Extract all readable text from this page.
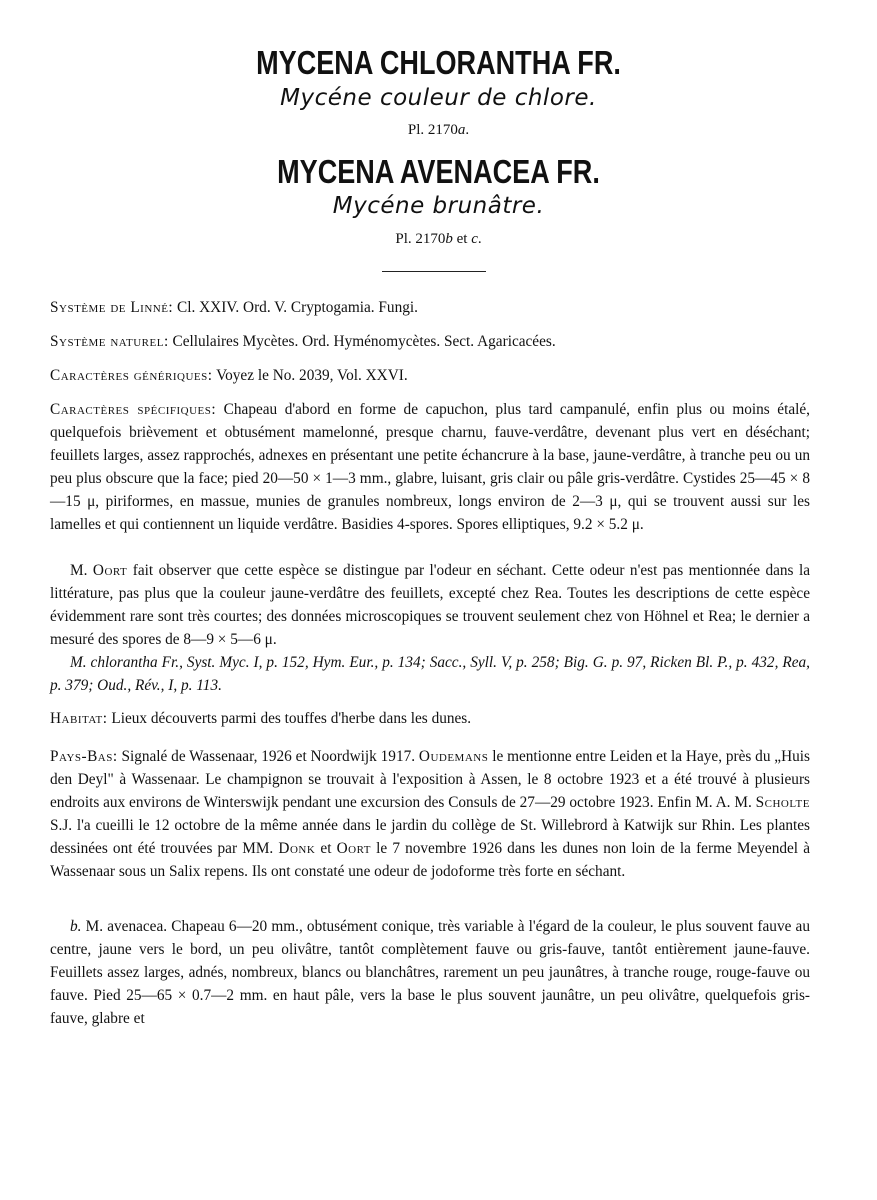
MYCENA CHLORANTHA FR.
Mycéne couleur de chlore.
Pl. 2170a.
MYCENA AVENACEA FR.
Mycéne brunâtre.
Pl. 2170b et c.

Système de Linné: Cl. XXIV. Ord. V. Cryptogamia. Fungi.

Système naturel: Cellulaires Mycètes. Ord. Hyménomycètes. Sect. Agaricacées.

Caractères génériques: Voyez le No. 2039, Vol. XXVI.

Caractères spécifiques: Chapeau d'abord en forme de capuchon, plus tard campanulé, enfin plus ou moins étalé, quelquefois brièvement et obtusément mamelonné, presque charnu, fauve-verdâtre, devenant plus vert en déséchant; feuillets larges, assez rapprochés, adnexes en présentant une petite échancrure à la base, jaune-verdâtre, à tranche peu ou un peu plus obscure que la face; pied 20—50 × 1—3 mm., glabre, luisant, gris clair ou pâle gris-verdâtre. Cystides 25—45 × 8—15 μ, piriformes, en massue, munies de granules nombreux, longs environ de 2—3 μ, qui se trouvent aussi sur les lamelles et qui contiennent un liquide verdâtre. Basidies 4-spores. Spores elliptiques, 9.2 × 5.2 μ.

M. Oort fait observer que cette espèce se distingue par l'odeur en séchant. Cette odeur n'est pas mentionnée dans la littérature, pas plus que la couleur jaune-verdâtre des feuillets, excepté chez Rea. Toutes les descriptions de cette espèce évidemment rare sont très courtes; des données microscopiques se trouvent seulement chez von Höhnel et Rea; le dernier a mesuré des spores de 8—9 × 5—6 μ.

M. chlorantha Fr., Syst. Myc. I, p. 152, Hym. Eur., p. 134; Sacc., Syll. V, p. 258; Big. G. p. 97, Ricken Bl. P., p. 432, Rea, p. 379; Oud., Rév., I, p. 113.

Habitat: Lieux découverts parmi des touffes d'herbe dans les dunes.

Pays-Bas: Signalé de Wassenaar, 1926 et Noordwijk 1917. Oudemans le mentionne entre Leiden et la Haye, près du „Huis den Deyl" à Wassenaar. Le champignon se trouvait à l'exposition à Assen, le 8 octobre 1923 et a été trouvé à plusieurs endroits aux environs de Winterswijk pendant une excursion des Consuls de 27—29 octobre 1923. Enfin M. A. M. Scholte S.J. l'a cueilli le 12 octobre de la même année dans le jardin du collège de St. Willebrord à Katwijk sur Rhin. Les plantes dessinées ont été trouvées par MM. Donk et Oort le 7 novembre 1926 dans les dunes non loin de la ferme Meyendel à Wassenaar sous un Salix repens. Ils ont constaté une odeur de jodoforme très forte en séchant.

b. M. avenacea. Chapeau 6—20 mm., obtusément conique, très variable à l'égard de la couleur, le plus souvent fauve au centre, jaune vers le bord, un peu olivâtre, tantôt complètement fauve ou gris-fauve, tantôt entièrement jaune-fauve. Feuillets assez larges, adnés, nombreux, blancs ou blanchâtres, rarement un peu jaunâtres, à tranche rouge, rouge-fauve ou fauve. Pied 25—65 × 0.7—2 mm. en haut pâle, vers la base le plus souvent jaunâtre, un peu olivâtre, quelquefois gris-fauve, glabre et
